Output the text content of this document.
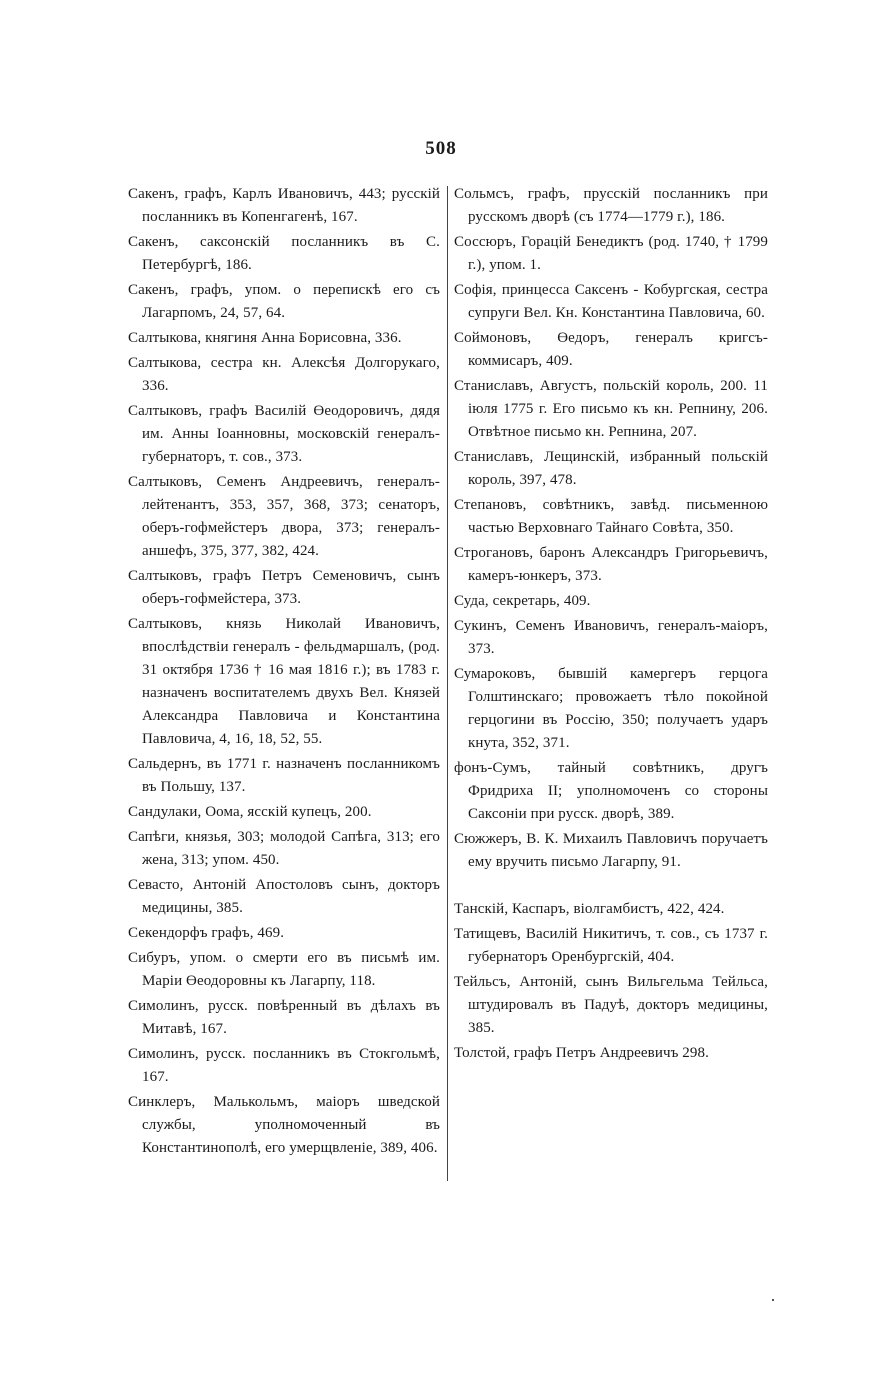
508

Сакенъ, графъ, Карлъ Ивановичъ, 443; русскій посланникъ въ Копенгагенѣ, 167.

Сакенъ, саксонскій посланникъ въ С. Петербургѣ, 186.

Сакенъ, графъ, упом. о перепискѣ его съ Лагарпомъ, 24, 57, 64.

Салтыкова, княгиня Анна Борисовна, 336.

Салтыкова, сестра кн. Алексѣя Долгорукаго, 336.

Салтыковъ, графъ Василій Өеодоровичъ, дядя им. Анны Іоанновны, московскій генералъ-губернаторъ, т. сов., 373.

Салтыковъ, Семенъ Андреевичъ, генералъ-лейтенантъ, 353, 357, 368, 373; сенаторъ, оберъ-гофмейстеръ двора, 373; генералъ-аншефъ, 375, 377, 382, 424.

Салтыковъ, графъ Петръ Семеновичъ, сынъ оберъ-гофмейстера, 373.

Салтыковъ, князь Николай Ивановичъ, впослѣдствіи генералъ - фельдмаршалъ, (род. 31 октября 1736 † 16 мая 1816 г.); въ 1783 г. назначенъ воспитателемъ двухъ Вел. Князей Александра Павловича и Константина Павловича, 4, 16, 18, 52, 55.

Сальдернъ, въ 1771 г. назначенъ посланникомъ въ Польшу, 137.

Сандулаки, Оома, ясскій купецъ, 200.

Сапѣги, князья, 303; молодой Сапѣга, 313; его жена, 313; упом. 450.

Севасто, Антоній Апостоловъ сынъ, докторъ медицины, 385.

Секендорфъ графъ, 469.

Сибуръ, упом. о смерти его въ письмѣ им. Маріи Өеодоровны къ Лагарпу, 118.

Симолинъ, русск. повѣренный въ дѣлахъ въ Митавѣ, 167.

Симолинъ, русск. посланникъ въ Стокгольмѣ, 167.

Синклеръ, Малькольмъ, маіоръ шведской службы, уполномоченный въ Константинополѣ, его умерщвленіе, 389, 406.

Сольмсъ, графъ, прусскій посланникъ при русскомъ дворѣ (съ 1774—1779 г.), 186.

Соссюръ, Горацій Бенедиктъ (род. 1740, † 1799 г.), упом. 1.

Софія, принцесса Саксенъ - Кобургская, сестра супруги Вел. Кн. Константина Павловича, 60.

Соймоновъ, Өедоръ, генералъ кригсъ-коммисаръ, 409.

Станиславъ, Августъ, польскій король, 200. 11 іюля 1775 г. Его письмо къ кн. Репнину, 206. Отвѣтное письмо кн. Репнина, 207.

Станиславъ, Лещинскій, избранный польскій король, 397, 478.

Степановъ, совѣтникъ, завѣд. письменною частью Верховнаго Тайнаго Совѣта, 350.

Строгановъ, баронъ Александръ Григорьевичъ, камеръ-юнкеръ, 373.

Суда, секретарь, 409.

Сукинъ, Семенъ Ивановичъ, генералъ-маіоръ, 373.

Сумароковъ, бывшій камергеръ герцога Голштинскаго; провожаетъ тѣло покойной герцогини въ Россію, 350; получаетъ ударъ кнута, 352, 371.

фонъ-Сумъ, тайный совѣтникъ, другъ Фридриха II; уполномоченъ со стороны Саксоніи при русск. дворѣ, 389.

Сюжжеръ, В. К. Михаилъ Павловичъ поручаетъ ему вручить письмо Лагарпу, 91.

Танскій, Каспаръ, віолгамбистъ, 422, 424.

Татищевъ, Василій Никитичъ, т. сов., съ 1737 г. губернаторъ Оренбургскій, 404.

Тейльсъ, Антоній, сынъ Вильгельма Тейльса, штудировалъ въ Падуѣ, докторъ медицины, 385.

Толстой, графъ Петръ Андреевичъ 298.
